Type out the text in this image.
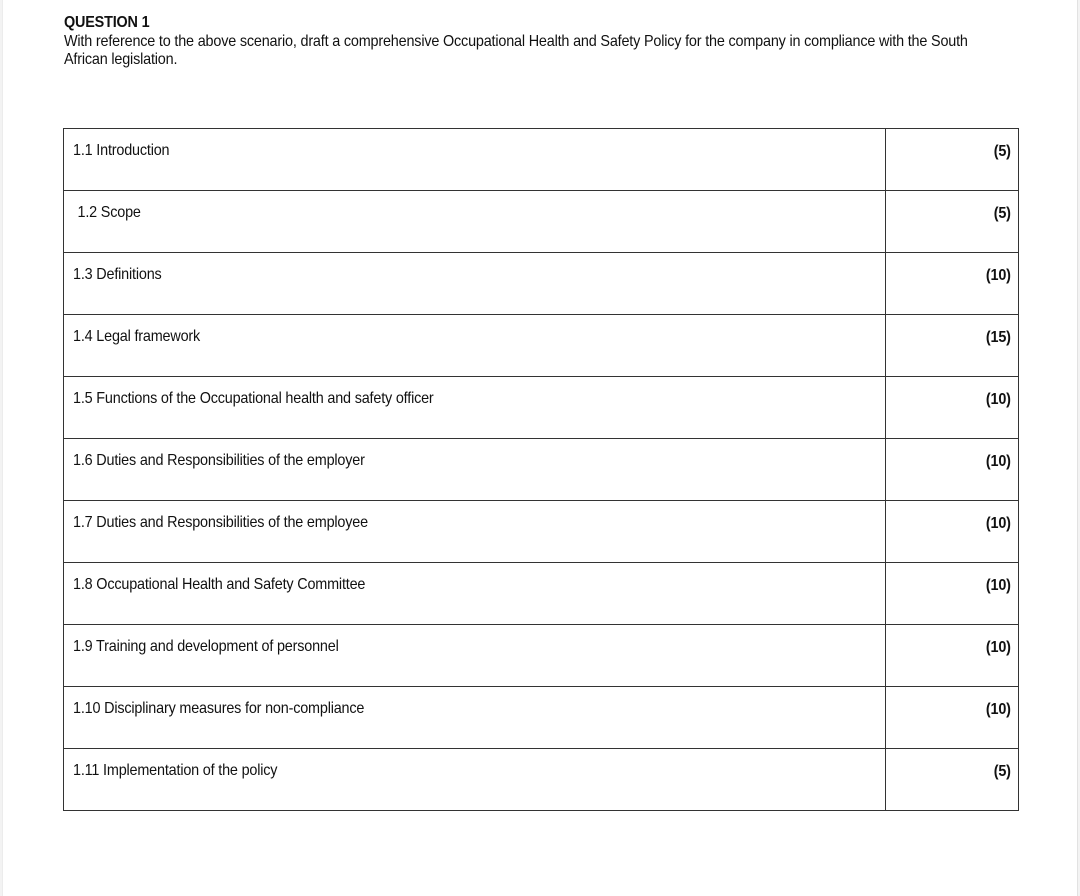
QUESTION 1
With reference to the above scenario, draft a comprehensive Occupational Health and Safety Policy for the company in compliance with the South African legislation.
1.1 Introduction	(5)

1.2 Scope	(5)

1.3 Definitions	(10)

1.4 Legal framework	(15)

1.5 Functions of the Occupational health and safety officer	(10)

1.6 Duties and Responsibilities of the employer	(10)

1.7 Duties and Responsibilities of the employee	(10)

1.8 Occupational Health and Safety Committee	(10)

1.9 Training and development of personnel	(10)

1.10 Disciplinary measures for non-compliance	(10)

1.11 Implementation of the policy	(5)
